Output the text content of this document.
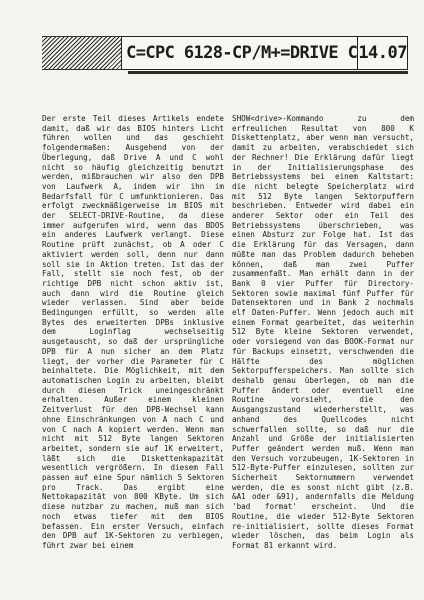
C=CPC 6128-CP/M+=DRIVE C 14.07

Der erste Teil dieses Artikels endete damit, daß wir das BIOS hinters Licht führen wollen und das geschieht folgendermaßen: Ausgehend von der Überlegung, daß Drive A und C wohl nicht so häufig gleichzeitig benutzt werden, mißbrauchen wir also den DPB von Laufwerk A, indem wir ihn im Bedarfsfall für C umfunktionieren. Das erfolgt zweckmäßigerweise im BIOS mit der SELECT-DRIVE-Routine, da diese immer aufgerufen wird, wenn das BDOS ein anderes Laufwerk verlangt. Diese Routine prüft zunächst, ob A oder C aktiviert werden soll, denn nur dann soll sie in Aktion treten. Ist das der Fall, stellt sie noch fest, ob der richtige DPB nicht schon aktiv ist, auch dann wird die Routine gleich wieder verlassen. Sind aber beide Bedingungen erfüllt, so werden alle Bytes des erweiterten DPBs inklusive dem Loginflag wechselseitig ausgetauscht, so daß der ursprüngliche DPB für A nun sicher an dem Platz liegt, der vorher die Parameter für C beinhaltete. Die Möglichkeit, mit dem automatischen Login zu arbeiten, bleibt durch diesen Trick uneingeschränkt erhalten. Außer einem kleinen Zeitverlust für den DPB-Wechsel kann ohne Einschränkungen von A nach C und von C nach A kopiert werden. Wenn man nicht mit 512 Byte langen Sektoren arbeitet, sondern sie auf 1K erweitert, läßt sich die Diskettenkapazität wesentlich vergrößern. In diesem Fall passen auf eine Spur nämlich 5 Sektoren pro Track. Das ergibt eine Nettokapazität von 800 KByte. Um sich diese nutzbar zu machen, muß man sich noch etwas tiefer mit dem BIOS befassen. Ein erster Versuch, einfach den DPB auf 1K-Sektoren zu verbiegen, führt zwar bei einem

SHOW<drive>-Kommando zu dem erfreulichen Resultat von 800 K Diskettenplatz, aber wenn man versucht, damit zu arbeiten, verabschiedet sich der Rechner! Die Erklärung dafür liegt in der Initialisierungsphase des Betriebssystems bei einem Kaltstart: die nicht belegte Speicherplatz wird mit 512 Byte langen Sektorpuffern beschrieben. Entweder wird dabei ein anderer Sektor oder ein Teil des Betriebssystems überschrieben, was einen Absturz zur Folge hat. Ist das die Erklärung für das Versagen, dann müßte man das Problem dadurch beheben können, daß man zwei Puffer zusammenfaßt. Man erhält dann in der Bank 0 vier Puffer für Directory-Sektoren sowie maximal fünf Puffer für Datensektoren und in Bank 2 nochmals elf Daten-Puffer. Wenn jedoch auch mit einem Format gearbeitet, das weiterhin 512 Byte kleine Sektoren verwendet, oder vorsiegend von das BOOK-Format nur für Backups einsetzt, verschwenden die Hälfte des möglichen Sektorpufferspeichers. Man sollte sich deshalb genau überlegen, ob man die Puffer ändert oder eventuell eine Routine vorsieht, die den Ausgangszustand wiederherstellt, was anhand des Quellcodes nicht schwerfallen sollte, so daß nur die Anzahl und Größe der initialisierten Puffer geändert werden muß. Wenn man den Versuch vorzubeugen, 1K-Sektoren in 512-Byte-Puffer einzulesen, sollten zur Sicherheit Sektornummern verwendet werden, die es sonst nicht gibt (z.B. &A1 oder &91), andernfalls die Meldung 'bad format' erscheint. Und die Routine, die wieder 512-Byte Sektoren re-initialisiert, sollte dieses Format wieder löschen, das beim Login als Format 81 erkannt wird.
